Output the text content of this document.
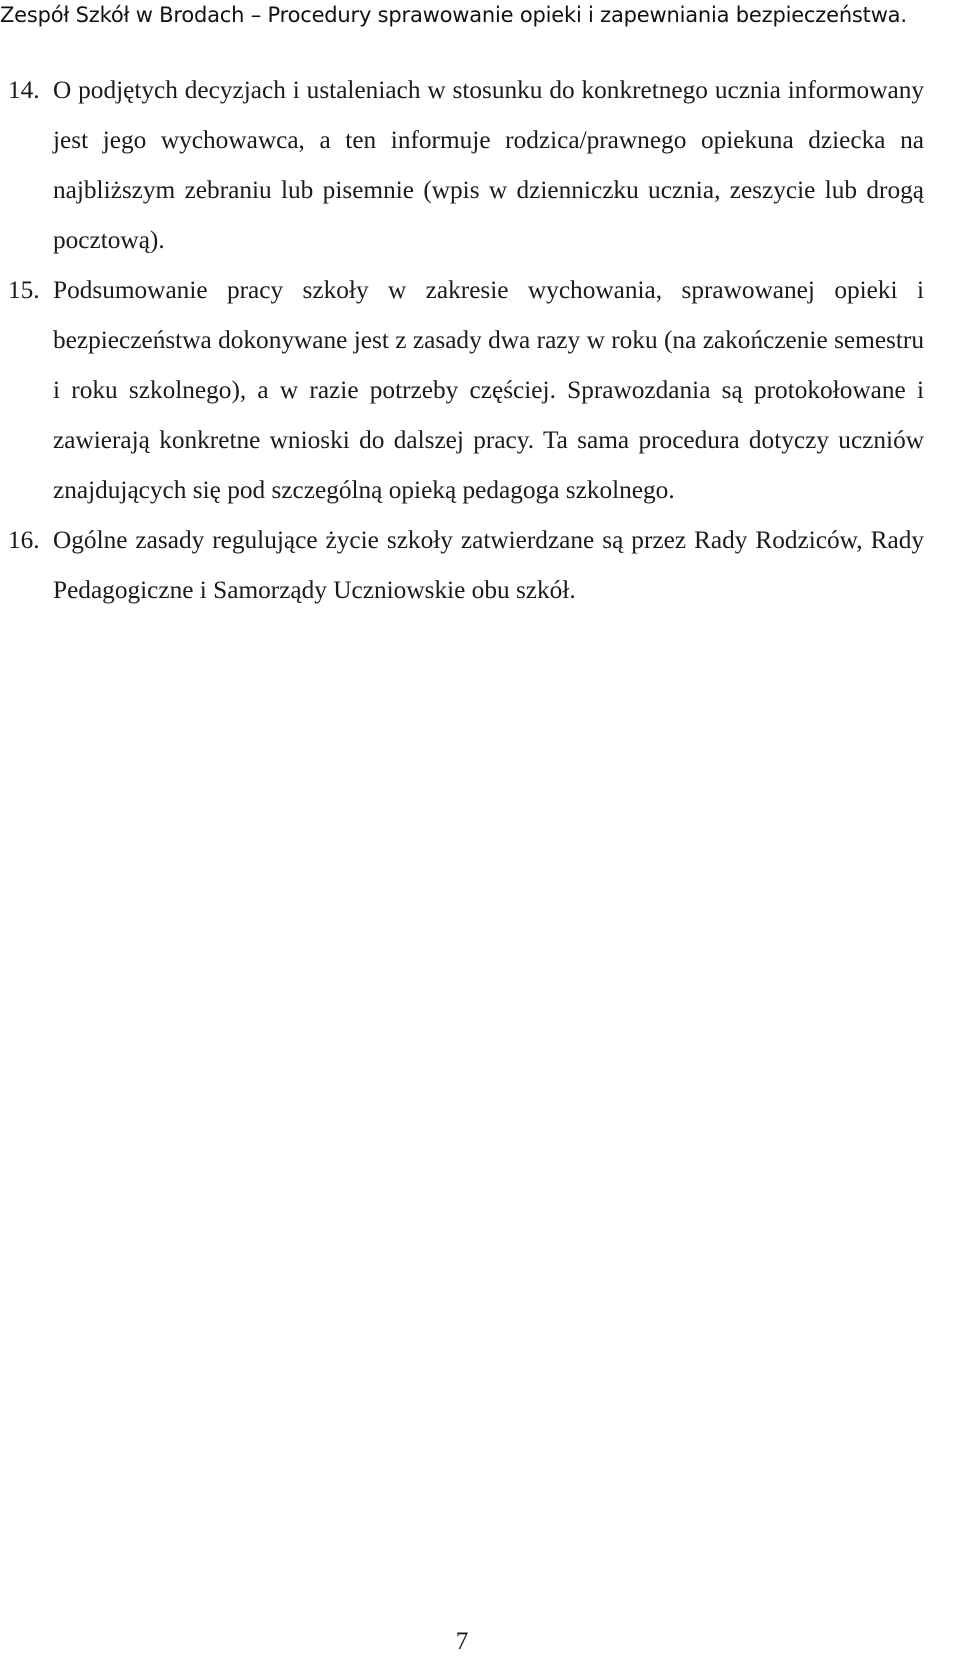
Zespół Szkół w Brodach – Procedury sprawowanie opieki i zapewniania bezpieczeństwa.

14. O podjętych decyzjach i ustaleniach w stosunku do konkretnego ucznia informowany jest jego wychowawca, a ten informuje rodzica/prawnego opiekuna dziecka na najbliższym zebraniu lub pisemnie (wpis w dzienniczku ucznia, zeszycie lub drogą pocztową).

15. Podsumowanie pracy szkoły w zakresie wychowania, sprawowanej opieki i bezpieczeństwa dokonywane jest z zasady dwa razy w roku (na zakończenie semestru i roku szkolnego), a w razie potrzeby częściej. Sprawozdania są protokołowane i zawierają konkretne wnioski do dalszej pracy. Ta sama procedura dotyczy uczniów znajdujących się pod szczególną opieką pedagoga szkolnego.

16. Ogólne zasady regulujące życie szkoły zatwierdzane są przez Rady Rodziców, Rady Pedagogiczne i Samorządy Uczniowskie obu szkół.

7
